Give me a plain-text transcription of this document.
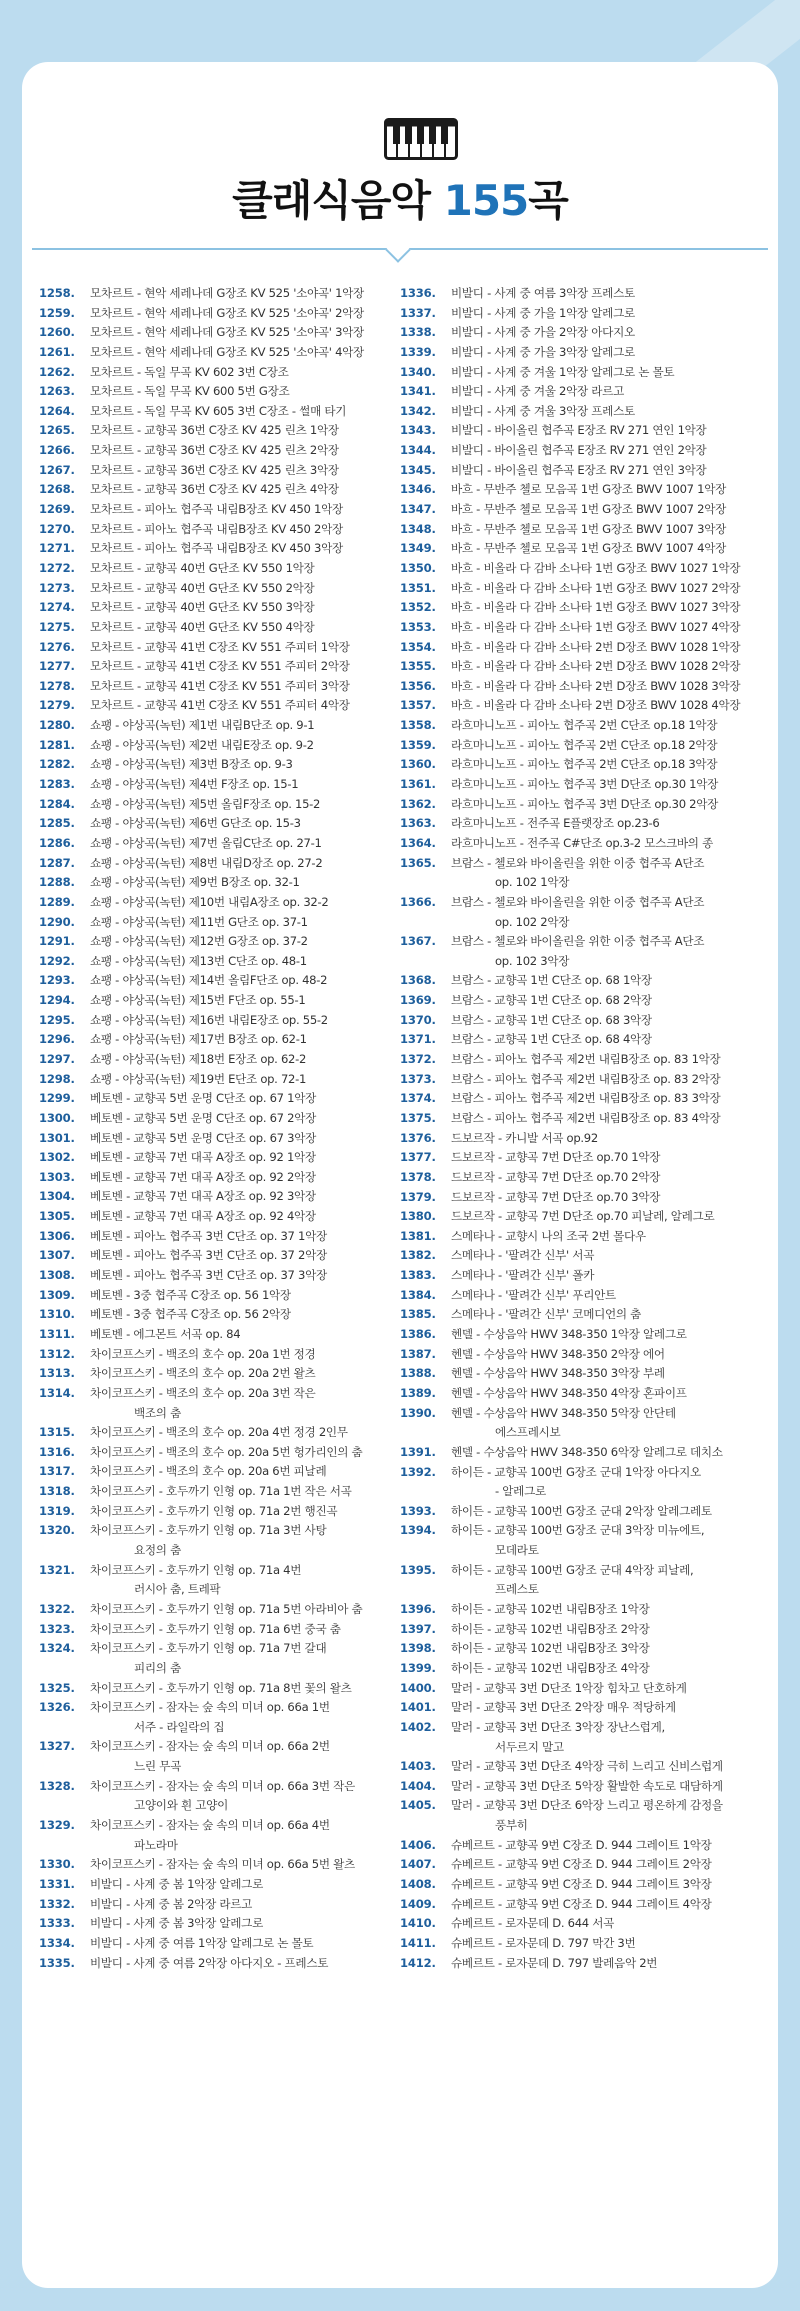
클래식음악 155곡
1258.	모차르트 - 현악 세레나데 G장조 KV 525 '소야곡' 1악장
1259.	모차르트 - 현악 세레나데 G장조 KV 525 '소야곡' 2악장
1260.	모차르트 - 현악 세레나데 G장조 KV 525 '소야곡' 3악장
1261.	모차르트 - 현악 세레나데 G장조 KV 525 '소야곡' 4악장
1262.	모차르트 - 독일 무곡 KV 602 3번 C장조
1263.	모차르트 - 독일 무곡 KV 600 5번 G장조
1264.	모차르트 - 독일 무곡 KV 605 3번 C장조 - 썰매 타기
1265.	모차르트 - 교향곡 36번 C장조 KV 425 린츠 1악장
1266.	모차르트 - 교향곡 36번 C장조 KV 425 린츠 2악장
1267.	모차르트 - 교향곡 36번 C장조 KV 425 린츠 3악장
1268.	모차르트 - 교향곡 36번 C장조 KV 425 린츠 4악장
1269.	모차르트 - 피아노 협주곡 내림B장조 KV 450 1악장
1270.	모차르트 - 피아노 협주곡 내림B장조 KV 450 2악장
1271.	모차르트 - 피아노 협주곡 내림B장조 KV 450 3악장
1272.	모차르트 - 교향곡 40번 G단조 KV 550 1악장
1273.	모차르트 - 교향곡 40번 G단조 KV 550 2악장
1274.	모차르트 - 교향곡 40번 G단조 KV 550 3악장
1275.	모차르트 - 교향곡 40번 G단조 KV 550 4악장
1276.	모차르트 - 교향곡 41번 C장조 KV 551 주피터 1악장
1277.	모차르트 - 교향곡 41번 C장조 KV 551 주피터 2악장
1278.	모차르트 - 교향곡 41번 C장조 KV 551 주피터 3악장
1279.	모차르트 - 교향곡 41번 C장조 KV 551 주피터 4악장
1280.	쇼팽 - 야상곡(녹턴) 제1번 내림B단조 op. 9-1
1281.	쇼팽 - 야상곡(녹턴) 제2번 내림E장조 op. 9-2
1282.	쇼팽 - 야상곡(녹턴) 제3번 B장조 op. 9-3
1283.	쇼팽 - 야상곡(녹턴) 제4번 F장조 op. 15-1
1284.	쇼팽 - 야상곡(녹턴) 제5번 올림F장조 op. 15-2
1285.	쇼팽 - 야상곡(녹턴) 제6번 G단조 op. 15-3
1286.	쇼팽 - 야상곡(녹턴) 제7번 올림C단조 op. 27-1
1287.	쇼팽 - 야상곡(녹턴) 제8번 내림D장조 op. 27-2
1288.	쇼팽 - 야상곡(녹턴) 제9번 B장조 op. 32-1
1289.	쇼팽 - 야상곡(녹턴) 제10번 내림A장조 op. 32-2
1290.	쇼팽 - 야상곡(녹턴) 제11번 G단조 op. 37-1
1291.	쇼팽 - 야상곡(녹턴) 제12번 G장조 op. 37-2
1292.	쇼팽 - 야상곡(녹턴) 제13번 C단조 op. 48-1
1293.	쇼팽 - 야상곡(녹턴) 제14번 올림F단조 op. 48-2
1294.	쇼팽 - 야상곡(녹턴) 제15번 F단조 op. 55-1
1295.	쇼팽 - 야상곡(녹턴) 제16번 내림E장조 op. 55-2
1296.	쇼팽 - 야상곡(녹턴) 제17번 B장조 op. 62-1
1297.	쇼팽 - 야상곡(녹턴) 제18번 E장조 op. 62-2
1298.	쇼팽 - 야상곡(녹턴) 제19번 E단조 op. 72-1
1299.	베토벤 - 교향곡 5번 운명 C단조 op. 67 1악장
1300.	베토벤 - 교향곡 5번 운명 C단조 op. 67 2악장
1301.	베토벤 - 교향곡 5번 운명 C단조 op. 67 3악장
1302.	베토벤 - 교향곡 7번 대곡 A장조 op. 92 1악장
1303.	베토벤 - 교향곡 7번 대곡 A장조 op. 92 2악장
1304.	베토벤 - 교향곡 7번 대곡 A장조 op. 92 3악장
1305.	베토벤 - 교향곡 7번 대곡 A장조 op. 92 4악장
1306.	베토벤 - 피아노 협주곡 3번 C단조 op. 37 1악장
1307.	베토벤 - 피아노 협주곡 3번 C단조 op. 37 2악장
1308.	베토벤 - 피아노 협주곡 3번 C단조 op. 37 3악장
1309.	베토벤 - 3중 협주곡 C장조 op. 56 1악장
1310.	베토벤 - 3중 협주곡 C장조 op. 56 2악장
1311.	베토벤 - 에그몬트 서곡 op. 84
1312.	차이코프스키 - 백조의 호수 op. 20a 1번 정경
1313.	차이코프스키 - 백조의 호수 op. 20a 2번 왈츠
1314.	차이코프스키 - 백조의 호수 op. 20a 3번 작은
백조의 춤
1315.	차이코프스키 - 백조의 호수 op. 20a 4번 정경 2인무
1316.	차이코프스키 - 백조의 호수 op. 20a 5번 헝가리인의 춤
1317.	차이코프스키 - 백조의 호수 op. 20a 6번 피날레
1318.	차이코프스키 - 호두까기 인형 op. 71a 1번 작은 서곡
1319.	차이코프스키 - 호두까기 인형 op. 71a 2번 행진곡
1320.	차이코프스키 - 호두까기 인형 op. 71a 3번 사탕
요정의 춤
1321.	차이코프스키 - 호두까기 인형 op. 71a 4번
러시아 춤, 트레팍
1322.	차이코프스키 - 호두까기 인형 op. 71a 5번 아라비아 춤
1323.	차이코프스키 - 호두까기 인형 op. 71a 6번 중국 춤
1324.	차이코프스키 - 호두까기 인형 op. 71a 7번 갈대
피리의 춤
1325.	차이코프스키 - 호두까기 인형 op. 71a 8번 꽃의 왈츠
1326.	차이코프스키 - 잠자는 숲 속의 미녀 op. 66a 1번
서주 - 라일락의 집
1327.	차이코프스키 - 잠자는 숲 속의 미녀 op. 66a 2번
느린 무곡
1328.	차이코프스키 - 잠자는 숲 속의 미녀 op. 66a 3번 작은
고양이와 흰 고양이
1329.	차이코프스키 - 잠자는 숲 속의 미녀 op. 66a 4번
파노라마
1330.	차이코프스키 - 잠자는 숲 속의 미녀 op. 66a 5번 왈츠
1331.	비발디 - 사계 중 봄 1악장 알레그로
1332.	비발디 - 사계 중 봄 2악장 라르고
1333.	비발디 - 사계 중 봄 3악장 알레그로
1334.	비발디 - 사계 중 여름 1악장 알레그로 논 몰토
1335.	비발디 - 사계 중 여름 2악장 아다지오 - 프레스토
1336.	비발디 - 사계 중 여름 3악장 프레스토
1337.	비발디 - 사계 중 가을 1악장 알레그로
1338.	비발디 - 사계 중 가을 2악장 아다지오
1339.	비발디 - 사계 중 가을 3악장 알레그로
1340.	비발디 - 사계 중 겨울 1악장 알레그로 논 몰토
1341.	비발디 - 사계 중 겨울 2악장 라르고
1342.	비발디 - 사계 중 겨울 3악장 프레스토
1343.	비발디 - 바이올린 협주곡 E장조 RV 271 연인 1악장
1344.	비발디 - 바이올린 협주곡 E장조 RV 271 연인 2악장
1345.	비발디 - 바이올린 협주곡 E장조 RV 271 연인 3악장
1346.	바흐 - 무반주 첼로 모음곡 1번 G장조 BWV 1007 1악장
1347.	바흐 - 무반주 첼로 모음곡 1번 G장조 BWV 1007 2악장
1348.	바흐 - 무반주 첼로 모음곡 1번 G장조 BWV 1007 3악장
1349.	바흐 - 무반주 첼로 모음곡 1번 G장조 BWV 1007 4악장
1350.	바흐 - 비올라 다 감바 소나타 1번 G장조 BWV 1027 1악장
1351.	바흐 - 비올라 다 감바 소나타 1번 G장조 BWV 1027 2악장
1352.	바흐 - 비올라 다 감바 소나타 1번 G장조 BWV 1027 3악장
1353.	바흐 - 비올라 다 감바 소나타 1번 G장조 BWV 1027 4악장
1354.	바흐 - 비올라 다 감바 소나타 2번 D장조 BWV 1028 1악장
1355.	바흐 - 비올라 다 감바 소나타 2번 D장조 BWV 1028 2악장
1356.	바흐 - 비올라 다 감바 소나타 2번 D장조 BWV 1028 3악장
1357.	바흐 - 비올라 다 감바 소나타 2번 D장조 BWV 1028 4악장
1358.	라흐마니노프 - 피아노 협주곡 2번 C단조 op.18 1악장
1359.	라흐마니노프 - 피아노 협주곡 2번 C단조 op.18 2악장
1360.	라흐마니노프 - 피아노 협주곡 2번 C단조 op.18 3악장
1361.	라흐마니노프 - 피아노 협주곡 3번 D단조 op.30 1악장
1362.	라흐마니노프 - 피아노 협주곡 3번 D단조 op.30 2악장
1363.	라흐마니노프 - 전주곡 E플랫장조 op.23-6
1364.	라흐마니노프 - 전주곡 C#단조 op.3-2 모스크바의 종
1365.	브람스 - 첼로와 바이올린을 위한 이중 협주곡 A단조
op. 102 1악장
1366.	브람스 - 첼로와 바이올린을 위한 이중 협주곡 A단조
op. 102 2악장
1367.	브람스 - 첼로와 바이올린을 위한 이중 협주곡 A단조
op. 102 3악장
1368.	브람스 - 교향곡 1번 C단조 op. 68 1악장
1369.	브람스 - 교향곡 1번 C단조 op. 68 2악장
1370.	브람스 - 교향곡 1번 C단조 op. 68 3악장
1371.	브람스 - 교향곡 1번 C단조 op. 68 4악장
1372.	브람스 - 피아노 협주곡 제2번 내림B장조 op. 83 1악장
1373.	브람스 - 피아노 협주곡 제2번 내림B장조 op. 83 2악장
1374.	브람스 - 피아노 협주곡 제2번 내림B장조 op. 83 3악장
1375.	브람스 - 피아노 협주곡 제2번 내림B장조 op. 83 4악장
1376.	드보르작 - 카니발 서곡 op.92
1377.	드보르작 - 교향곡 7번 D단조 op.70 1악장
1378.	드보르작 - 교향곡 7번 D단조 op.70 2악장
1379.	드보르작 - 교향곡 7번 D단조 op.70 3악장
1380.	드보르작 - 교향곡 7번 D단조 op.70 피날레, 알레그로
1381.	스메타나 - 교향시 나의 조국 2번 몰다우
1382.	스메타나 - '팔려간 신부' 서곡
1383.	스메타나 - '팔려간 신부' 폴카
1384.	스메타나 - '팔려간 신부' 푸리안트
1385.	스메타나 - '팔려간 신부' 코메디언의 춤
1386.	헨델 - 수상음악 HWV 348-350 1악장 알레그로
1387.	헨델 - 수상음악 HWV 348-350 2악장 에어
1388.	헨델 - 수상음악 HWV 348-350 3악장 부레
1389.	헨델 - 수상음악 HWV 348-350 4악장 혼파이프
1390.	헨델 - 수상음악 HWV 348-350 5악장 안단테
에스프레시보
1391.	헨델 - 수상음악 HWV 348-350 6악장 알레그로 데치소
1392.	하이든 - 교향곡 100번 G장조 군대 1악장 아다지오
- 알레그로
1393.	하이든 - 교향곡 100번 G장조 군대 2악장 알레그레토
1394.	하이든 - 교향곡 100번 G장조 군대 3악장 미뉴에트,
모데라토
1395.	하이든 - 교향곡 100번 G장조 군대 4악장 피날레,
프레스토
1396.	하이든 - 교향곡 102번 내림B장조 1악장
1397.	하이든 - 교향곡 102번 내림B장조 2악장
1398.	하이든 - 교향곡 102번 내림B장조 3악장
1399.	하이든 - 교향곡 102번 내림B장조 4악장
1400.	말러 - 교향곡 3번 D단조 1악장 힘차고 단호하게
1401.	말러 - 교향곡 3번 D단조 2악장 매우 적당하게
1402.	말러 - 교향곡 3번 D단조 3악장 장난스럽게,
서두르지 말고
1403.	말러 - 교향곡 3번 D단조 4악장 극히 느리고 신비스럽게
1404.	말러 - 교향곡 3번 D단조 5악장 활발한 속도로 대담하게
1405.	말러 - 교향곡 3번 D단조 6악장 느리고 평온하게 감정을
풍부히
1406.	슈베르트 - 교향곡 9번 C장조 D. 944 그레이트 1악장
1407.	슈베르트 - 교향곡 9번 C장조 D. 944 그레이트 2악장
1408.	슈베르트 - 교향곡 9번 C장조 D. 944 그레이트 3악장
1409.	슈베르트 - 교향곡 9번 C장조 D. 944 그레이트 4악장
1410.	슈베르트 - 로자문데 D. 644 서곡
1411.	슈베르트 - 로자문데 D. 797 막간 3번
1412.	슈베르트 - 로자문데 D. 797 발레음악 2번
